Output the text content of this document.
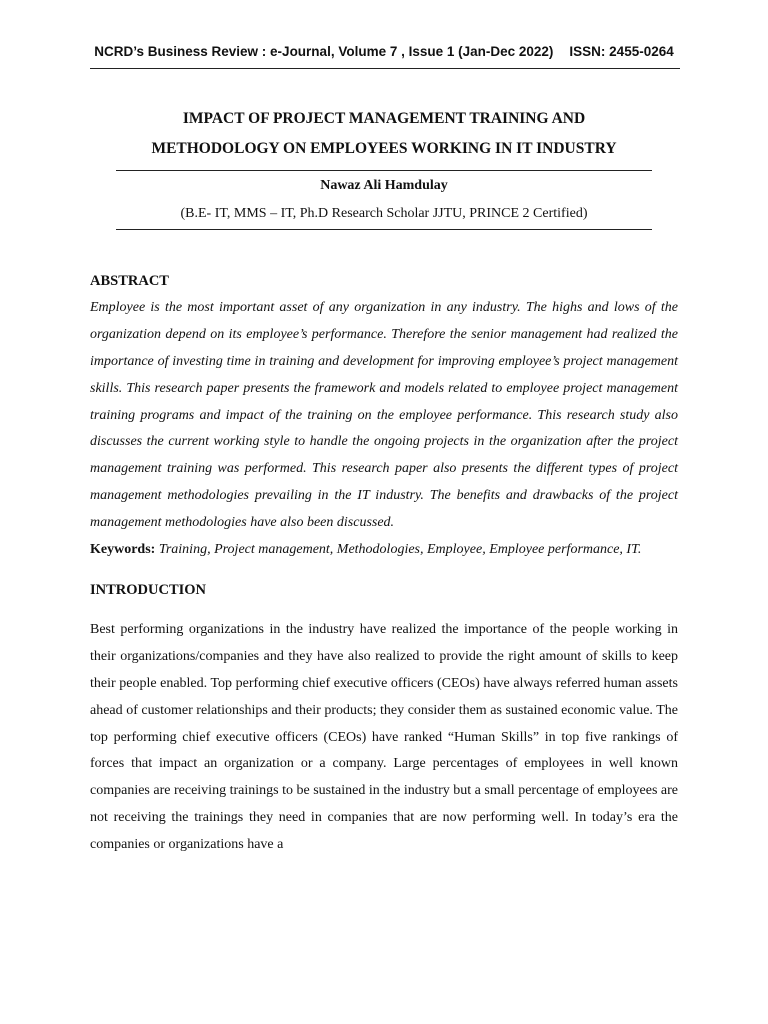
NCRD’s Business Review : e-Journal, Volume 7 , Issue 1 (Jan-Dec 2022) ISSN: 2455-0264
IMPACT OF PROJECT MANAGEMENT TRAINING AND
METHODOLOGY ON EMPLOYEES WORKING IN IT INDUSTRY
Nawaz Ali Hamdulay
(B.E- IT, MMS – IT, Ph.D Research Scholar JJTU, PRINCE 2 Certified)

ABSTRACT

Employee is the most important asset of any organization in any industry. The highs and lows of the organization depend on its employee’s performance. Therefore the senior management had realized the importance of investing time in training and development for improving employee’s project management skills. This research paper presents the framework and models related to employee project management training programs and impact of the training on the employee performance. This research study also discusses the current working style to handle the ongoing projects in the organization after the project management training was performed. This research paper also presents the different types of project management methodologies prevailing in the IT industry. The benefits and drawbacks of the project management methodologies have also been discussed.

Keywords: Training, Project management, Methodologies, Employee, Employee performance, IT.

INTRODUCTION

Best performing organizations in the industry have realized the importance of the people working in their organizations/companies and they have also realized to provide the right amount of skills to keep their people enabled. Top performing chief executive officers (CEOs) have always referred human assets ahead of customer relationships and their products; they consider them as sustained economic value. The top performing chief executive officers (CEOs) have ranked “Human Skills” in top five rankings of forces that impact an organization or a company. Large percentages of employees in well known companies are receiving trainings to be sustained in the industry but a small percentage of employees are not receiving the trainings they need in companies that are now performing well. In today’s era the companies or organizations have a
